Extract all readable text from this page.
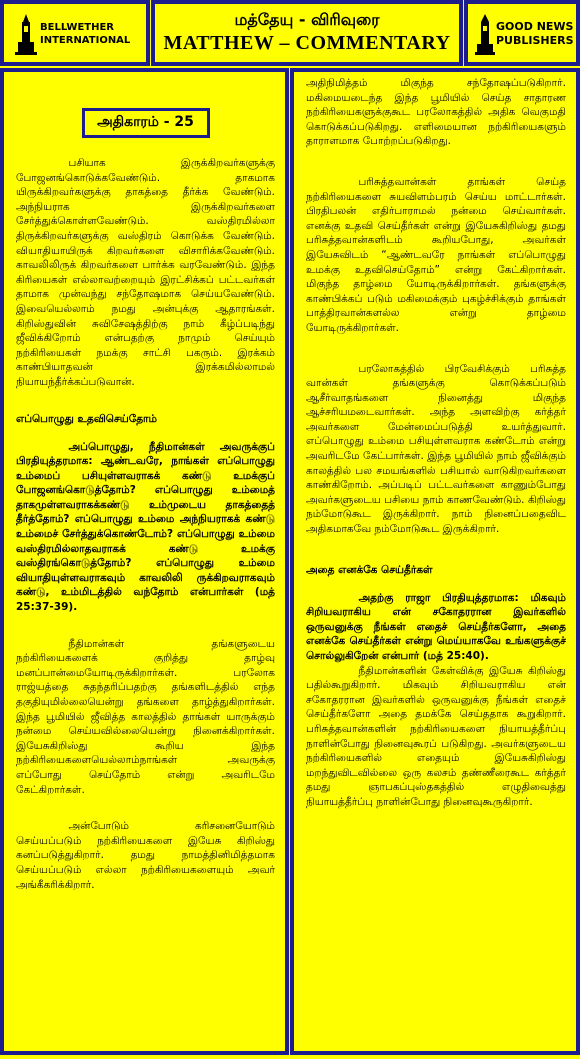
BELLWETHER
INTERNATIONAL
மத்தேயு - விரிவுரை
MATTHEW – COMMENTARY
GOOD NEWS
PUBLISHERS
அதிகாரம் - 25

பசியாக இருக்கிறவர்களுக்கு போஜனங்கொடுக்கவேண்டும். தாகமாக யிருக்கிறவர்களுக்கு தாகத்தை தீர்க்க வேண்டும். அந்நியராக இருக்கிறவர்களை சேர்த்துக்கொள்ளவேண்டும். வஸ்திரமில்லா திருக்கிறவர்களுக்கு வஸ்திரம் கொடுக்க வேண்டும். வியாதியாயிருக் கிறவர்களை விசாரிக்கவேண்டும். காவலிலிருக் கிறவர்களை பார்க்க வரவேண்டும். இந்த கிரியைகள் எல்லாவற்றையும் இரட்சிக்கப் பட்டவர்கள் தாமாக முன்வந்து சந்தோஷமாக செய்யவேண்டும். இவையெல்லாம் நமது அன்புக்கு ஆதாரங்கள். கிறிஸ்துவின் சுவிசேஷத்திற்கு நாம் கீழ்ப்படிந்து ஜீவிக்கிறோம் என்பதற்கு நாமும் செய்யும் நற்கிரியைகள் நமக்கு சாட்சி பகரும். இரக்கம் காண்பியாதவன் இரக்கமில்லாமல் நியாயந்தீர்க்கப்படுவான்.

எப்பொழுது உதவிசெய்தோம்

அப்பொழுது, நீதிமான்கள் அவருக்குப் பிரதியுத்தரமாக: ஆண்டவரே, நாங்கள் எப்பொழுது உம்மைப் பசியுள்ளவராகக் கண்டு உமக்குப் போஜனங்கொடுத்தோம்? எப்பொழுது உம்மைத் தாகமுள்ளவராகக்கண்டு உம்முடைய தாகத்தைத் தீர்த்தோம்? எப்பொழுது உம்மை அந்நியராகக் கண்டு உம்மைச் சேர்த்துக்கொண்டோம்? எப்பொழுது உம்மை வஸ்திரமில்லாதவராகக் கண்டு உமக்கு வஸ்திரங்கொடுத்தோம்? எப்பொழுது உம்மை வியாதியுள்ளவராகவும் காவலிலி ருக்கிறவராகவும் கண்டு, உம்மிடத்தில் வந்தோம் என்பார்கள் (மத் 25:37-39).

நீதிமான்கள் தங்களுடைய நற்கிரியைகளைக் குறித்து தாழ்வு மனப்பான்மையோடிருக்கிறார்கள். பரலோக ராஜ்யத்தை சுதந்தரிப்பதற்கு தங்களிடத்தில் எந்த தகுதியுமில்லையென்று தங்களை தாழ்த்துகிறார்கள். இந்த பூமியில் ஜீவித்த காலத்தில் தாங்கள் யாருக்கும் நன்மை செய்யவில்லையென்று நினைக்கிறார்கள். இயேசுகிறிஸ்து கூறிய இந்த நற்கிரியைகளையெல்லாம்நாங்கள் அவருக்கு எப்போது செய்தோம் என்று அவரிடமே கேட்கிறார்கள்.

அன்போடும் கரிசனையோடும் செய்யப்படும் நற்கிரியைகளை இயேசு கிறிஸ்து கனப்படுத்துகிறார். தமது நாமத்தினிமித்தமாக செய்யப்படும் எல்லா நற்கிரியைகளையும் அவர் அங்கீகரிக்கிறார்.

அதிநிமித்தம் மிகுந்த சந்தோஷப்படுகிறார். மகிமையடைந்த இந்த பூமியில் செய்த சாதாரண நற்கிரியைகளுக்குகூட பரலோகத்தில் அதிக வெகுமதி கொடுக்கப்படுகிறது. எளிமையான நற்கிரியைகளும் தாராளமாக போற்றப்படுகிறது.

பரிசுத்தவான்கள் தாங்கள் செய்த நற்கிரியைகளை சுயவிளம்பரம் செய்ய மாட்டார்கள். பிரதிபலன் எதிர்பாராமல் நன்மை செய்வார்கள். எனக்கு உதவி செய்தீர்கள் என்று இயேசுகிறிஸ்து தமது பரிசுத்தவான்களிடம் கூறியபோது, அவர்கள் இயேசுவிடம் “ஆண்டவரே நாங்கள் எப்பொழுது உமக்கு உதவிசெய்தோம்” என்று கேட்கிறார்கள். மிகுந்த தாழ்மை யோடிருக்கிறார்கள். தங்களுக்கு காண்பிக்கப் படும் மகிமைக்கும் புகழ்ச்சிக்கும் தாங்கள் பாத்திரவான்களல்ல என்று தாழ்மை யோடிருக்கிறார்கள்.

பரலோகத்தில் பிரவேசிக்கும் பரிசுத்த வான்கள் தங்களுக்கு கொடுக்கப்படும் ஆசீர்வாதங்களை நினைத்து மிகுந்த ஆச்சரியமடைவார்கள். அந்த அளவிற்கு கர்த்தர் அவர்களை மேன்மைப்படுத்தி உயர்த்துவார். எப்பொழுது உம்மை பசியுள்ளவராக கண்டோம் என்று அவரிடமே கேட்பார்கள். இந்த பூமியில் நாம் ஜீவிக்கும் காலத்தில் பல சமயங்களில் பசியால் வாடுகிறவர்களை காண்கிறோம். அப்படிப் பட்டவர்களை காணும்போது அவர்களுடைய பசியை நாம் காணவேண்டும். கிறிஸ்து நம்மோடுகூட இருக்கிறார். நாம் நினைப்பதைவிட அதிகமாகவே நம்மோடுகூட இருக்கிறார்.

அதை எனக்கே செய்தீர்கள்

அதற்கு ராஜா பிரதியுத்தரமாக: மிகவும் சிறியவராகிய என் சகோதரரான இவர்களில் ஒருவனுக்கு நீங்கள் எதைச் செய்தீர்களோ, அதை எனக்கே செய்தீர்கள் என்று மெய்யாகவே உங்களுக்குச் சொல்லுகிறேன் என்பார் (மத் 25:40).

நீதிமான்களின் கேள்விக்கு இயேசு கிறிஸ்து பதில்கூறுகிறார். மிகவும் சிறியவராகிய என் சகோதரரான இவர்களில் ஒருவனுக்கு நீங்கள் எதைச் செய்தீர்களோ அதை தமக்கே செய்ததாக கூறுகிறார். பரிசுத்தவான்களின் நற்கிரியைகளை நியாயத்தீர்ப்பு நாளின்போது நினைவுகூரப் படுகிறது. அவர்களுடைய நற்கிரியைகளில் எதையும் இயேசுகிறிஸ்து மறந்துவிடவில்லை ஒரு கலசம் தண்ணீரைகூட கர்த்தர் தமது ஞாபகப்புஸ்தகத்தில் எழுதிவைத்து நியாயத்தீர்ப்பு நாளின்போது நினைவுகூருகிறார்.
